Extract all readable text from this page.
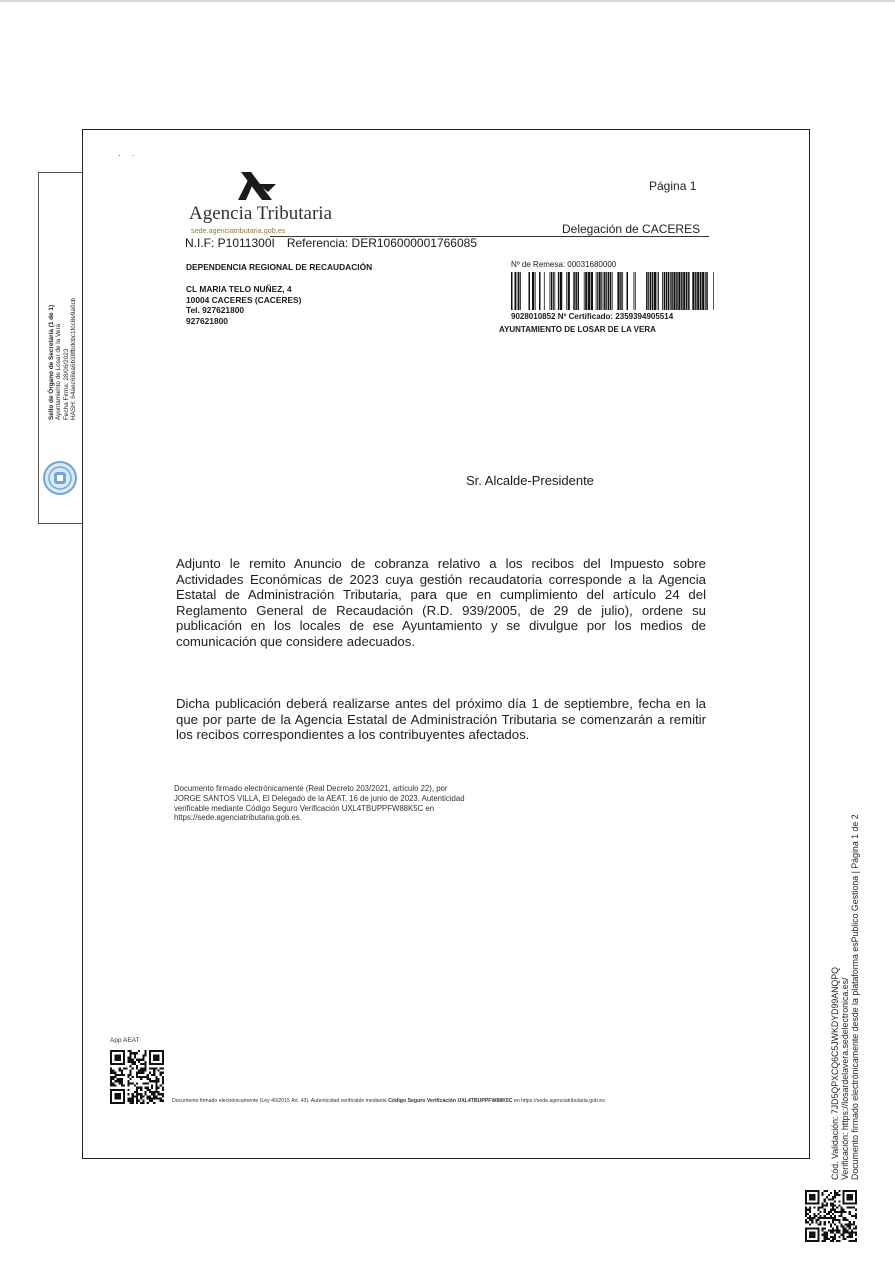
Sello de Órgano de Secretaría (1 de 1) Ayuntamiento de Losar de la Vera Fecha Firma: 28/06/2023 HASH: 64aec68ea6b38fbdcbc1fcc8e9a0cb
· ·
Agencia Tributaria
sede.agenciatributaria.gob.es
Página 1
Delegación de CACERES
N.I.F: P1011300I Referencia: DER106000001766085
DEPENDENCIA REGIONAL DE RECAUDACIÓN
CL MARIA TELO NUÑEZ, 4
10004 CACERES (CACERES)
Tel. 927621800
927621800
Nº de Remesa: 00031680000
9028010852 Nº Certificado: 2359394905514
AYUNTAMIENTO DE LOSAR DE LA VERA
Sr. Alcalde-Presidente
Adjunto le remito Anuncio de cobranza relativo a los recibos del Impuesto sobre Actividades Económicas de 2023 cuya gestión recaudatoria corresponde a la Agencia Estatal de Administración Tributaria, para que en cumplimiento del artículo 24 del Reglamento General de Recaudación (R.D. 939/2005, de 29 de julio), ordene su publicación en los locales de ese Ayuntamiento y se divulgue por los medios de comunicación que considere adecuados.
Dicha publicación deberá realizarse antes del próximo día 1 de septiembre, fecha en la que por parte de la Agencia Estatal de Administración Tributaria se comenzarán a remitir los recibos correspondientes a los contribuyentes afectados.
Documento firmado electrónicamente (Real Decreto 203/2021, artículo 22), por
JORGE SANTOS VILLA, El Delegado de la AEAT, 16 de junio de 2023. Autenticidad
verificable mediante Código Seguro Verificación UXL4TBUPPFW88K5C en
https://sede.agenciatributaria.gob.es.
App AEAT
Documento firmado electrónicamente (Ley 40/2015 Art. 43). Autenticidad verificable mediante Código Seguro Verificación UXL4TBUPPFW88K5C en https://sede.agenciatributaria.gob.es	Cód. Validación: 7JD5QPXCQ6C5JWKDYD99ANQPQ Verificación: https://losardelavera.sedelectronica.es/ Documento firmado electrónicamente desde la plataforma esPublico Gestiona | Página 1 de 2
